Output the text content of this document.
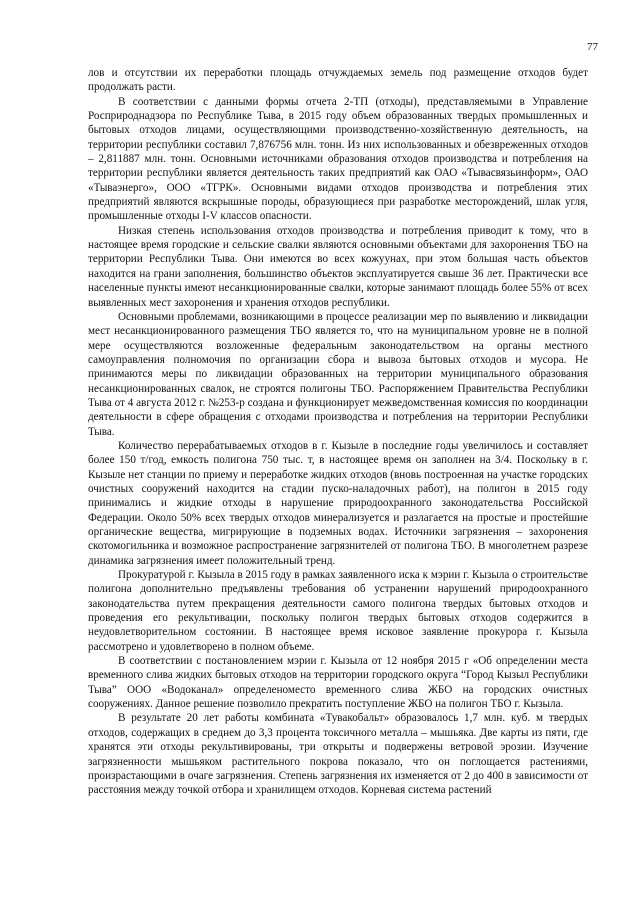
77

лов и отсутствии их переработки площадь отчуждаемых земель под размещение отходов будет продолжать расти.

В соответствии с данными формы отчета 2-ТП (отходы), представляемыми в Управление Росприроднадзора по Республике Тыва, в 2015 году объем образованных твердых промышленных и бытовых отходов лицами, осуществляющими производственно-хозяйственную деятельность, на территории республики составил 7,876756 млн. тонн. Из них использованных и обезвреженных отходов – 2,811887 млн. тонн. Основными источниками образования отходов производства и потребления на территории республики является деятельность таких предприятий как ОАО «Тывасвязьинформ», ОАО «Тываэнерго», ООО «ТГРК». Основными видами отходов производства и потребления этих предприятий являются вскрышные породы, образующиеся при разработке месторождений, шлак угля, промышленные отходы I-V классов опасности.

Низкая степень использования отходов производства и потребления приводит к тому, что в настоящее время городские и сельские свалки являются основными объектами для захоронения ТБО на территории Республики Тыва. Они имеются во всех кожуунах, при этом большая часть объектов находится на грани заполнения, большинство объектов эксплуатируется свыше 36 лет. Практически все населенные пункты имеют несанкционированные свалки, которые занимают площадь более 55% от всех выявленных мест захоронения и хранения отходов республики.

Основными проблемами, возникающими в процессе реализации мер по выявлению и ликвидации мест несанкционированного размещения ТБО является то, что на муниципальном уровне не в полной мере осуществляются возложенные федеральным законодательством на органы местного самоуправления полномочия по организации сбора и вывоза бытовых отходов и мусора. Не принимаются меры по ликвидации образованных на территории муниципального образования несанкционированных свалок, не строятся полигоны ТБО. Распоряжением Правительства Республики Тыва от 4 августа 2012 г. №253-р создана и функционирует межведомственная комиссия по координации деятельности в сфере обращения с отходами производства и потребления на территории Республики Тыва.

Количество перерабатываемых отходов в г. Кызыле в последние годы увеличилось и составляет более 150 т/год, емкость полигона 750 тыс. т, в настоящее время он заполнен на 3/4. Поскольку в г. Кызыле нет станции по приему и переработке жидких отходов (вновь построенная на участке городских очистных сооружений находится на стадии пуско-наладочных работ), на полигон в 2015 году принимались и жидкие отходы в нарушение природоохранного законодательства Российской Федерации. Около 50% всех твердых отходов минерализуется и разлагается на простые и простейшие органические вещества, мигрирующие в подземных водах. Источники загрязнения – захоронения скотомогильника и возможное распространение загрязнителей от полигона ТБО. В многолетнем разрезе динамика загрязнения имеет положительный тренд.

Прокуратурой г. Кызыла в 2015 году в рамках заявленного иска к мэрии г. Кызыла о строительстве полигона дополнительно предъявлены требования об устранении нарушений природоохранного законодательства путем прекращения деятельности самого полигона твердых бытовых отходов и проведения его рекультивации, поскольку полигон твердых бытовых отходов содержится в неудовлетворительном состоянии. В настоящее время исковое заявление прокурора г. Кызыла рассмотрено и удовлетворено в полном объеме.

В соответствии с постановлением мэрии г. Кызыла от 12 ноября 2015 г «Об определении места временного слива жидких бытовых отходов на территории городского округа “Город Кызыл Республики Тыва” ООО «Водоканал» определеноместо временного слива ЖБО на городских очистных сооружениях. Данное решение позволило прекратить поступление ЖБО на полигон ТБО г. Кызыла.

В результате 20 лет работы комбината «Тувакобальт» образовалось 1,7 млн. куб. м твердых отходов, содержащих в среднем до 3,3 процента токсичного металла – мышьяка. Две карты из пяти, где хранятся эти отходы рекультивированы, три открыты и подвержены ветровой эрозии. Изучение загрязненности мышьяком растительного покрова показало, что он поглощается растениями, произрастающими в очаге загрязнения. Степень загрязнения их изменяется от 2 до 400 в зависимости от расстояния между точкой отбора и хранилищем отходов. Корневая система растений
